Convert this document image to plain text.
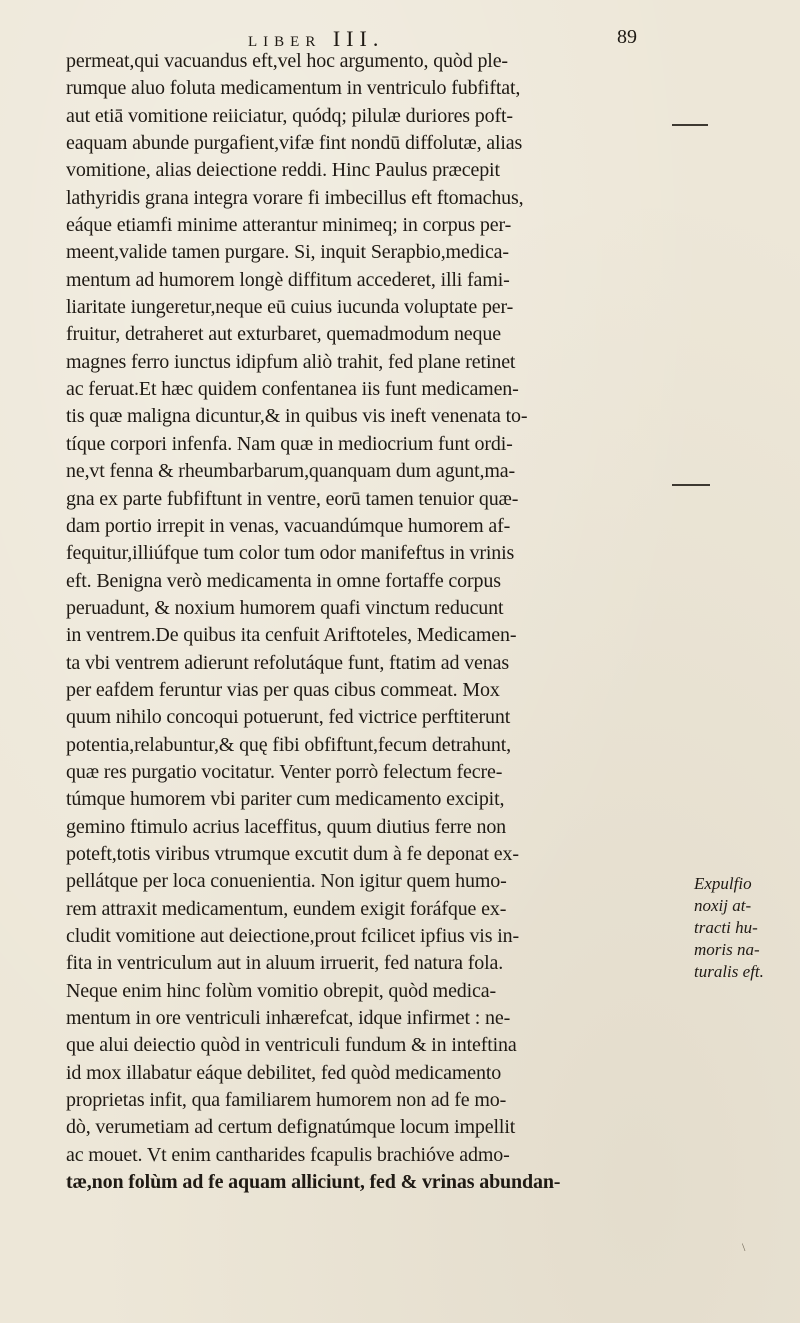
LIBER III.	89
permeat,qui vacuandus eft,vel hoc argumento, quòd ple-
rumque aluo foluta medicamentum in ventriculo fubfiftat,
aut etiā vomitione reiiciatur, quódq; pilulæ duriores poft-
eaquam abunde purgafient,vifæ fint nondū diffolutæ, alias
vomitione, alias deiectione reddi. Hinc Paulus præcepit
lathyridis grana integra vorare fi imbecillus eft ftomachus,
eáque etiamfi minime atterantur minimeq; in corpus per-
meent,valide tamen purgare. Si, inquit Serapbio,medica-
mentum ad humorem longè diffitum accederet, illi fami-
liaritate iungeretur,neque eū cuius iucunda voluptate per-
fruitur, detraheret aut exturbaret, quemadmodum neque
magnes ferro iunctus idipfum aliò trahit, fed plane retinet
ac feruat.Et hæc quidem confentanea iis funt medicamen-
tis quæ maligna dicuntur,& in quibus vis ineft venenata to-
tíque corpori infenfa. Nam quæ in mediocrium funt ordi-
ne,vt fenna & rheumbarbarum,quanquam dum agunt,ma-
gna ex parte fubfiftunt in ventre, eorū tamen tenuior quæ-
dam portio irrepit in venas, vacuandúmque humorem af-
fequitur,illiúfque tum color tum odor manifeftus in vrinis
eft. Benigna verò medicamenta in omne fortaffe corpus
peruadunt, & noxium humorem quafi vinctum reducunt
in ventrem.De quibus ita cenfuit Ariftoteles, Medicamen-
ta vbi ventrem adierunt refolutáque funt, ftatim ad venas
per eafdem feruntur vias per quas cibus commeat. Mox
quum nihilo concoqui potuerunt, fed victrice perftiterunt
potentia,relabuntur,& quę fibi obfiftunt,fecum detrahunt,
quæ res purgatio vocitatur. Venter porrò felectum fecre-
túmque humorem vbi pariter cum medicamento excipit,
gemino ftimulo acrius laceffitus, quum diutius ferre non
poteft,totis viribus vtrumque excutit dum à fe deponat ex-
pellátque per loca conuenientia. Non igitur quem humo-
rem attraxit medicamentum, eundem exigit foráfque ex-
cludit vomitione aut deiectione,prout fcilicet ipfius vis in-
fita in ventriculum aut in aluum irruerit, fed natura fola.
Neque enim hinc folùm vomitio obrepit, quòd medica-
mentum in ore ventriculi inhærefcat, idque infirmet : ne-
que alui deiectio quòd in ventriculi fundum & in inteftina
id mox illabatur eáque debilitet, fed quòd medicamento
proprietas infit, qua familiarem humorem non ad fe mo-
dò, verumetiam ad certum defignatúmque locum impellit
ac mouet. Vt enim cantharides fcapulis brachióve admo-
tæ,non folùm ad fe aquam alliciunt, fed & vrinas abundan-
Expulfio
noxij at-
tracti hu-
moris na-
turalis eft.
\
